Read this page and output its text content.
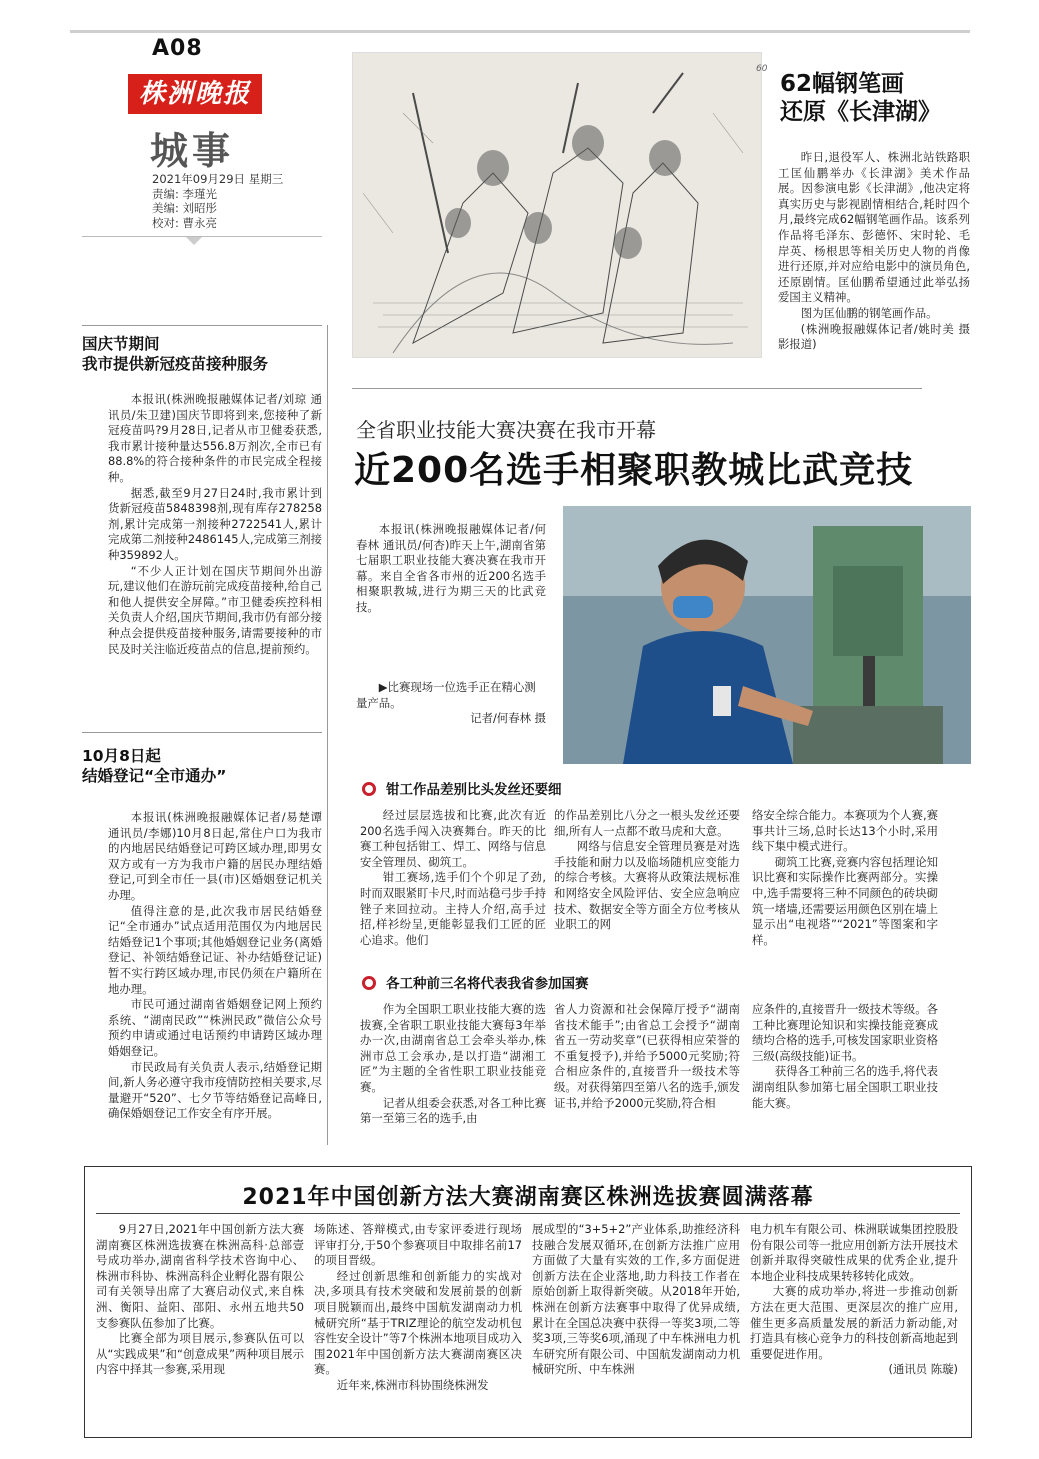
A08
株洲晚报
城事
2021年09月29日 星期三
责编: 李瑾光
美编: 刘昭彤
校对: 曹永亮
60
62幅钢笔画
还原《长津湖》

昨日,退役军人、株洲北站铁路职工匡仙鹏举办《长津湖》美术作品展。因参演电影《长津湖》,他决定将真实历史与影视剧情相结合,耗时四个月,最终完成62幅钢笔画作品。该系列作品将毛泽东、彭德怀、宋时轮、毛岸英、杨根思等相关历史人物的肖像进行还原,并对应给电影中的演员角色,还原剧情。匡仙鹏希望通过此举弘扬爱国主义精神。

图为匡仙鹏的钢笔画作品。

(株洲晚报融媒体记者/姚时美 摄影报道)

国庆节期间
我市提供新冠疫苗接种服务

本报讯(株洲晚报融媒体记者/刘琼 通讯员/朱卫建)国庆节即将到来,您接种了新冠疫苗吗?9月28日,记者从市卫健委获悉,我市累计接种量达556.8万剂次,全市已有88.8%的符合接种条件的市民完成全程接种。

据悉,截至9月27日24时,我市累计到货新冠疫苗5848398剂,现有库存278258剂,累计完成第一剂接种2722541人,累计完成第二剂接种2486145人,完成第三剂接种359892人。

“不少人正计划在国庆节期间外出游玩,建议他们在游玩前完成疫苗接种,给自己和他人提供安全屏障。”市卫健委疾控科相关负责人介绍,国庆节期间,我市仍有部分接种点会提供疫苗接种服务,请需要接种的市民及时关注临近疫苗点的信息,提前预约。

10月8日起
结婚登记“全市通办”

本报讯(株洲晚报融媒体记者/易楚谭 通讯员/李娜)10月8日起,常住户口为我市的内地居民结婚登记可跨区域办理,即男女双方或有一方为我市户籍的居民办理结婚登记,可到全市任一县(市)区婚姻登记机关办理。

值得注意的是,此次我市居民结婚登记“全市通办”试点适用范围仅为内地居民结婚登记1个事项;其他婚姻登记业务(离婚登记、补领结婚登记证、补办结婚登记证)暂不实行跨区域办理,市民仍须在户籍所在地办理。

市民可通过湖南省婚姻登记网上预约系统、“湖南民政”“株洲民政”微信公众号预约申请或通过电话预约申请跨区域办理婚姻登记。

市民政局有关负责人表示,结婚登记期间,新人务必遵守我市疫情防控相关要求,尽量避开“520”、七夕节等结婚登记高峰日,确保婚姻登记工作安全有序开展。

全省职业技能大赛决赛在我市开幕
近200名选手相聚职教城比武竞技

本报讯(株洲晚报融媒体记者/何春林 通讯员/何杏)昨天上午,湖南省第七届职工职业技能大赛决赛在我市开幕。来自全省各市州的近200名选手相聚职教城,进行为期三天的比武竞技。

▶比赛现场一位选手正在精心测量产品。
记者/何春林 摄
钳工作品差别比头发丝还要细

经过层层选拔和比赛,此次有近200名选手闯入决赛舞台。昨天的比赛工种包括钳工、焊工、网络与信息安全管理员、砌筑工。

钳工赛场,选手们个个卯足了劲,时而双眼紧盯卡尺,时而站稳弓步手持锉子来回拉动。主持人介绍,高手过招,样衫纷呈,更能彰显我们工匠的匠心追求。他们

的作品差别比八分之一根头发丝还要细,所有人一点都不敢马虎和大意。

网络与信息安全管理员赛是对选手技能和耐力以及临场随机应变能力的综合考核。大赛将从政策法规标准和网络安全风险评估、安全应急响应技术、数据安全等方面全方位考核从业职工的网

络安全综合能力。本赛项为个人赛,赛事共计三场,总时长达13个小时,采用线下集中模式进行。

砌筑工比赛,竞赛内容包括理论知识比赛和实际操作比赛两部分。实操中,选手需要将三种不同颜色的砖块砌筑一堵墙,还需要运用颜色区别在墙上显示出“电视塔”“2021”等图案和字样。

各工种前三名将代表我省参加国赛

作为全国职工职业技能大赛的选拔赛,全省职工职业技能大赛每3年举办一次,由湖南省总工会牵头举办,株洲市总工会承办,是以打造“湖湘工匠”为主题的全省性职工职业技能竞赛。

记者从组委会获悉,对各工种比赛第一至第三名的选手,由

省人力资源和社会保障厅授予“湖南省技术能手”;由省总工会授予“湖南省五一劳动奖章”(已获得相应荣誉的不重复授予),并给予5000元奖励;符合相应条件的,直接晋升一级技术等级。对获得第四至第八名的选手,颁发证书,并给予2000元奖励,符合相

应条件的,直接晋升一级技术等级。各工种比赛理论知识和实操技能竞赛成绩均合格的选手,可核发国家职业资格三级(高级技能)证书。

获得各工种前三名的选手,将代表湖南组队参加第七届全国职工职业技能大赛。

2021年中国创新方法大赛湖南赛区株洲选拔赛圆满落幕

9月27日,2021年中国创新方法大赛湖南赛区株洲选拔赛在株洲高科·总部壹号成功举办,湖南省科学技术咨询中心、株洲市科协、株洲高科企业孵化器有限公司有关领导出席了大赛启动仪式,来自株洲、衡阳、益阳、邵阳、永州五地共50支参赛队伍参加了比赛。

比赛全部为项目展示,参赛队伍可以从“实践成果”和“创意成果”两种项目展示内容中择其一参赛,采用现

场陈述、答辩模式,由专家评委进行现场评审打分,于50个参赛项目中取排名前17的项目晋级。

经过创新思维和创新能力的实战对决,多项具有技术突破和发展前景的创新项目脱颖而出,最终中国航发湖南动力机械研究所“基于TRIZ理论的航空发动机包容性安全设计”等7个株洲本地项目成功入围2021年中国创新方法大赛湖南赛区决赛。

近年来,株洲市科协围绕株洲发

展成型的“3+5+2”产业体系,助推经济科技融合发展双循环,在创新方法推广应用方面做了大量有实效的工作,多方面促进创新方法在企业落地,助力科技工作者在原始创新上取得新突破。从2018年开始,株洲在创新方法赛事中取得了优异成绩,累计在全国总决赛中获得一等奖3项,二等奖3项,三等奖6项,涌现了中车株洲电力机车研究所有限公司、中国航发湖南动力机械研究所、中车株洲

电力机车有限公司、株洲联诚集团控股股份有限公司等一批应用创新方法开展技术创新并取得突破性成果的优秀企业,提升本地企业科技成果转移转化成效。

大赛的成功举办,将进一步推动创新方法在更大范围、更深层次的推广应用,催生更多高质量发展的新活力新动能,对打造具有核心竞争力的科技创新高地起到重要促进作用。

(通讯员 陈璇)
